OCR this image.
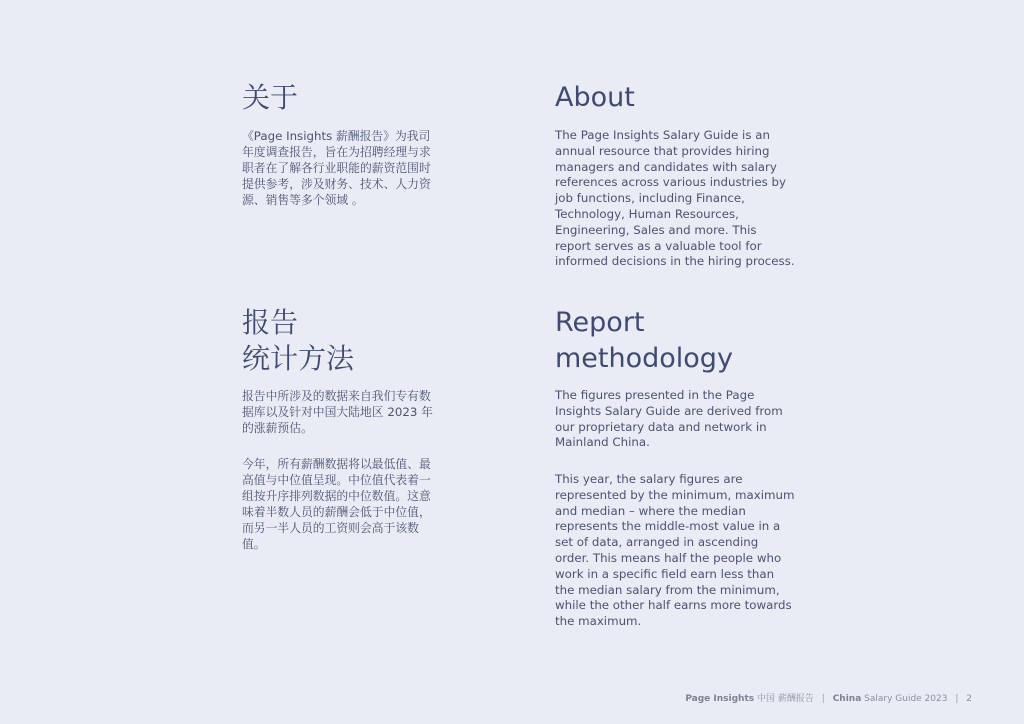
关于

《Page Insights 薪酬报告》为我司年度调查报告，旨在为招聘经理与求职者在了解各行业职能的薪资范围时提供参考，涉及财务、技术、人力资源、销售等多个领域 。

About

The Page Insights Salary Guide is an annual resource that provides hiring managers and candidates with salary references across various industries by job functions, including Finance, Technology, Human Resources, Engineering, Sales and more. This report serves as a valuable tool for informed decisions in the hiring process.

报告
统计方法

报告中所涉及的数据来自我们专有数据库以及针对中国大陆地区 2023 年的涨薪预估。

今年，所有薪酬数据将以最低值、最高值与中位值呈现。中位值代表着一组按升序排列数据的中位数值。这意味着半数人员的薪酬会低于中位值，而另一半人员的工资则会高于该数值。

Report
methodology

The figures presented in the Page Insights Salary Guide are derived from our proprietary data and network in Mainland China.

This year, the salary figures are represented by the minimum, maximum and median – where the median represents the middle-most value in a set of data, arranged in ascending order. This means half the people who work in a specific field earn less than the median salary from the minimum, while the other half earns more towards the maximum.

Page Insights 中国 薪酬报告 | China Salary Guide 2023 | 2
